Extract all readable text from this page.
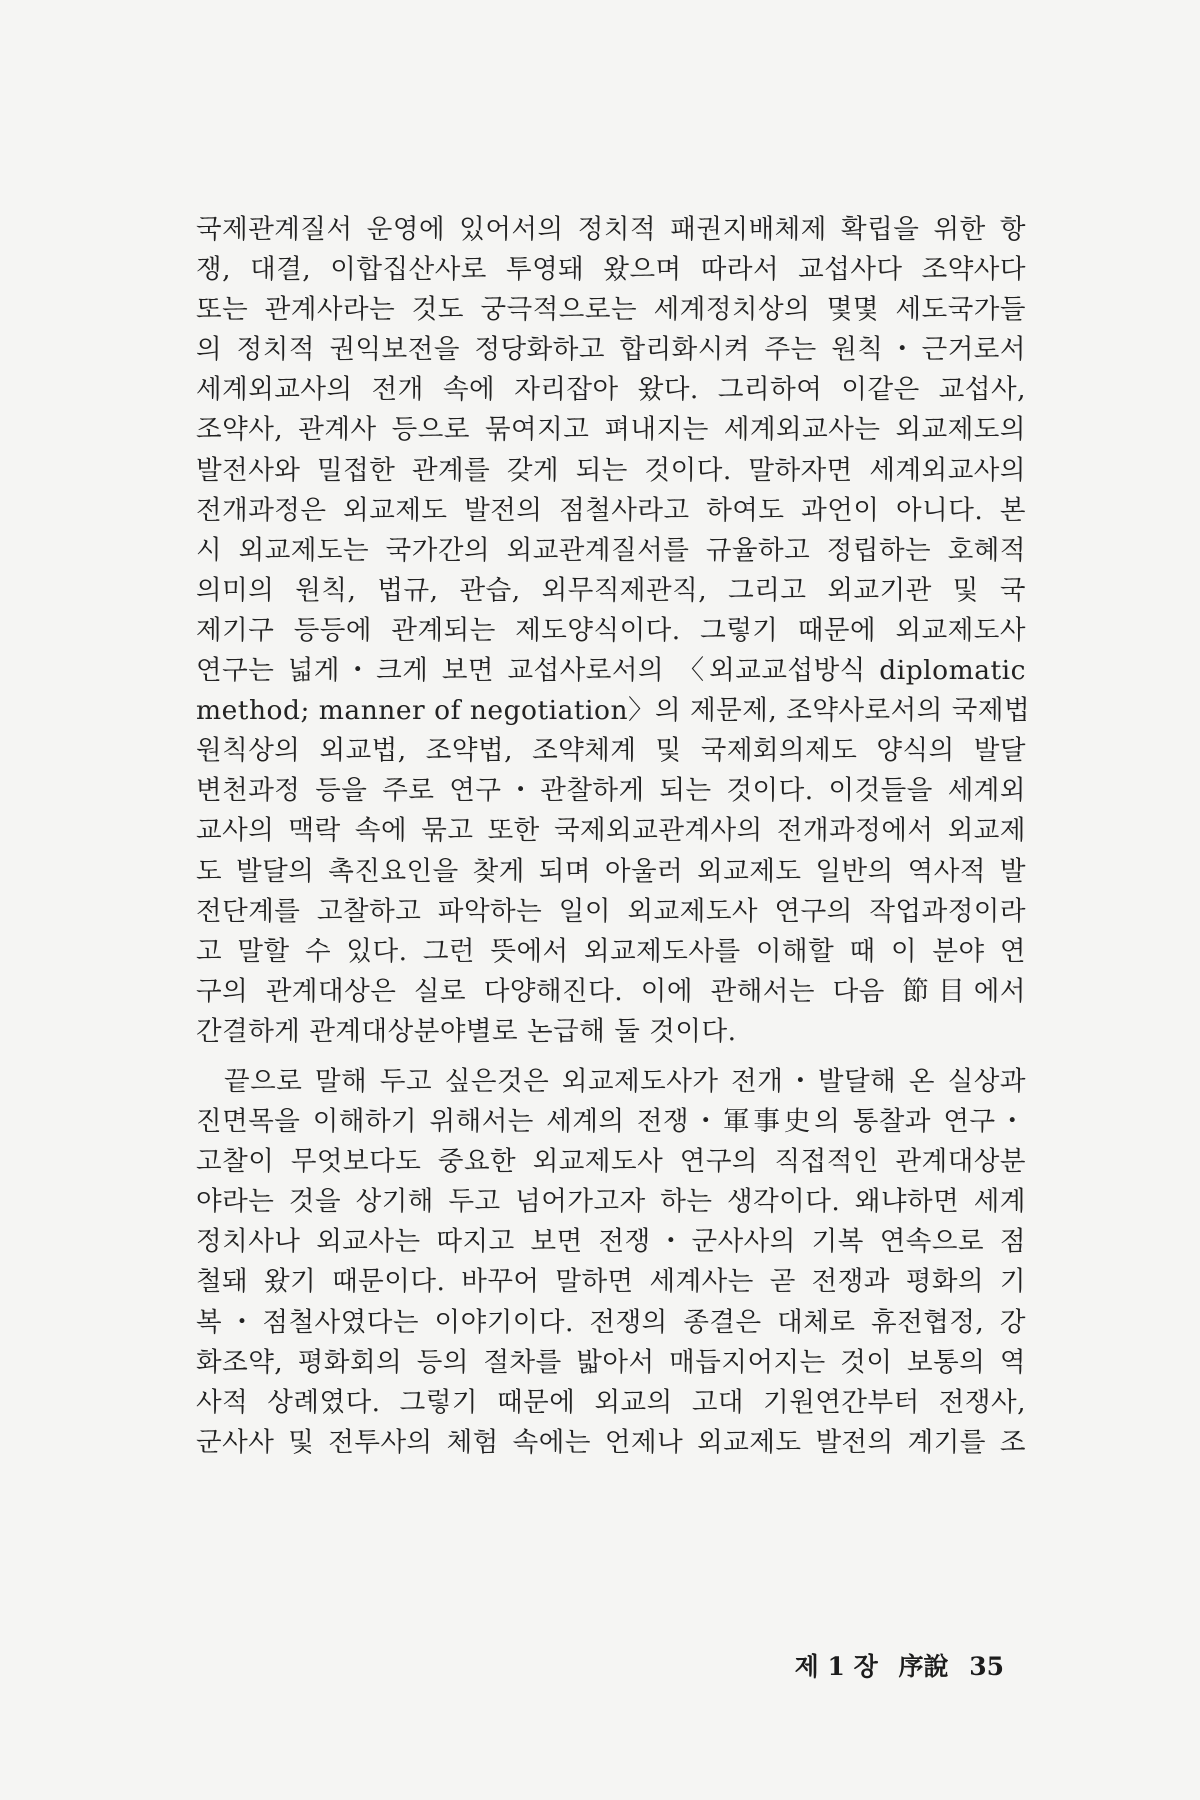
국제관계질서 운영에 있어서의 정치적 패권지배체제 확립을 위한 항
쟁, 대결, 이합집산사로 투영돼 왔으며 따라서 교섭사다 조약사다
또는 관계사라는 것도 궁극적으로는 세계정치상의 몇몇 세도국가들
의 정치적 권익보전을 정당화하고 합리화시켜 주는 원칙・근거로서
세계외교사의 전개 속에 자리잡아 왔다. 그리하여 이같은 교섭사,
조약사, 관계사 등으로 묶여지고 펴내지는 세계외교사는 외교제도의
발전사와 밀접한 관계를 갖게 되는 것이다. 말하자면 세계외교사의
전개과정은 외교제도 발전의 점철사라고 하여도 과언이 아니다. 본
시 외교제도는 국가간의 외교관계질서를 규율하고 정립하는 호혜적
의미의 원칙, 법규, 관습, 외무직제관직, 그리고 외교기관 및 국
제기구 등등에 관계되는 제도양식이다. 그렇기 때문에 외교제도사
연구는 넓게・크게 보면 교섭사로서의 〈외교교섭방식 diplomatic
method; manner of negotiation〉의 제문제, 조약사로서의 국제법
원칙상의 외교법, 조약법, 조약체계 및 국제회의제도 양식의 발달
변천과정 등을 주로 연구・관찰하게 되는 것이다. 이것들을 세계외
교사의 맥락 속에 묶고 또한 국제외교관계사의 전개과정에서 외교제
도 발달의 촉진요인을 찾게 되며 아울러 외교제도 일반의 역사적 발
전단계를 고찰하고 파악하는 일이 외교제도사 연구의 작업과정이라
고 말할 수 있다. 그런 뜻에서 외교제도사를 이해할 때 이 분야 연
구의 관계대상은 실로 다양해진다. 이에 관해서는 다음 節目에서
간결하게 관계대상분야별로 논급해 둘 것이다.
끝으로 말해 두고 싶은것은 외교제도사가 전개・발달해 온 실상과
진면목을 이해하기 위해서는 세계의 전쟁・軍事史의 통찰과 연구・
고찰이 무엇보다도 중요한 외교제도사 연구의 직접적인 관계대상분
야라는 것을 상기해 두고 넘어가고자 하는 생각이다. 왜냐하면 세계
정치사나 외교사는 따지고 보면 전쟁・군사사의 기복 연속으로 점
철돼 왔기 때문이다. 바꾸어 말하면 세계사는 곧 전쟁과 평화의 기
복・점철사였다는 이야기이다. 전쟁의 종결은 대체로 휴전협정, 강
화조약, 평화회의 등의 절차를 밟아서 매듭지어지는 것이 보통의 역
사적 상례였다. 그렇기 때문에 외교의 고대 기원연간부터 전쟁사,
군사사 및 전투사의 체험 속에는 언제나 외교제도 발전의 계기를 조
제 1 장 序說 35
